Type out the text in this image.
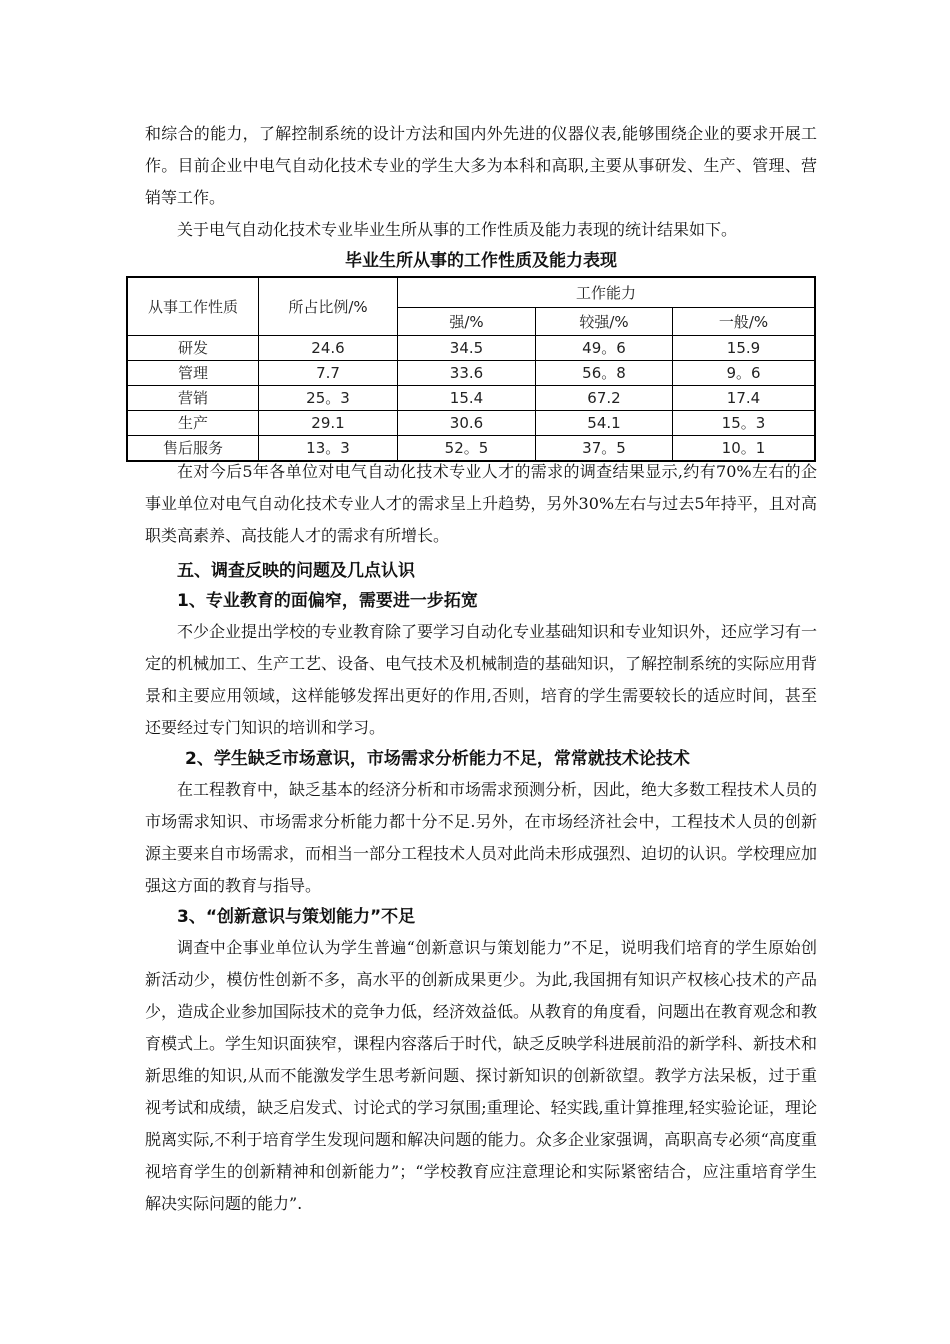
和综合的能力，了解控制系统的设计方法和国内外先进的仪器仪表,能够围绕企业的要求开展工作。目前企业中电气自动化技术专业的学生大多为本科和高职,主要从事研发、生产、管理、营销等工作。

关于电气自动化技术专业毕业生所从事的工作性质及能力表现的统计结果如下。

毕业生所从事的工作性质及能力表现

从事工作性质	所占比例/%	工作能力		
		强/%	较强/%	一般/%
研发	24.6	34.5	49。6	15.9
管理	7.7	33.6	56。8	9。6
营销	25。3	15.4	67.2	17.4
生产	29.1	30.6	54.1	15。3
售后服务	13。3	52。5	37。5	10。1

在对今后5年各单位对电气自动化技术专业人才的需求的调查结果显示,约有70%左右的企事业单位对电气自动化技术专业人才的需求呈上升趋势，另外30%左右与过去5年持平，且对高职类高素养、高技能人才的需求有所增长。

五、调查反映的问题及几点认识

1、专业教育的面偏窄，需要进一步拓宽

不少企业提出学校的专业教育除了要学习自动化专业基础知识和专业知识外，还应学习有一定的机械加工、生产工艺、设备、电气技术及机械制造的基础知识，了解控制系统的实际应用背景和主要应用领域，这样能够发挥出更好的作用,否则，培育的学生需要较长的适应时间，甚至还要经过专门知识的培训和学习。

2、学生缺乏市场意识，市场需求分析能力不足，常常就技术论技术

在工程教育中，缺乏基本的经济分析和市场需求预测分析，因此，绝大多数工程技术人员的市场需求知识、市场需求分析能力都十分不足.另外，在市场经济社会中，工程技术人员的创新源主要来自市场需求，而相当一部分工程技术人员对此尚未形成强烈、迫切的认识。学校理应加强这方面的教育与指导。

3、“创新意识与策划能力”不足

调查中企事业单位认为学生普遍“创新意识与策划能力”不足，说明我们培育的学生原始创新活动少，模仿性创新不多，高水平的创新成果更少。为此,我国拥有知识产权核心技术的产品少，造成企业参加国际技术的竞争力低，经济效益低。从教育的角度看，问题出在教育观念和教育模式上。学生知识面狭窄，课程内容落后于时代，缺乏反映学科进展前沿的新学科、新技术和新思维的知识,从而不能激发学生思考新问题、探讨新知识的创新欲望。教学方法呆板，过于重视考试和成绩，缺乏启发式、讨论式的学习氛围;重理论、轻实践,重计算推理,轻实验论证，理论脱离实际,不利于培育学生发现问题和解决问题的能力。众多企业家强调，高职高专必须“高度重视培育学生的创新精神和创新能力”；“学校教育应注意理论和实际紧密结合，应注重培育学生解决实际问题的能力”.
